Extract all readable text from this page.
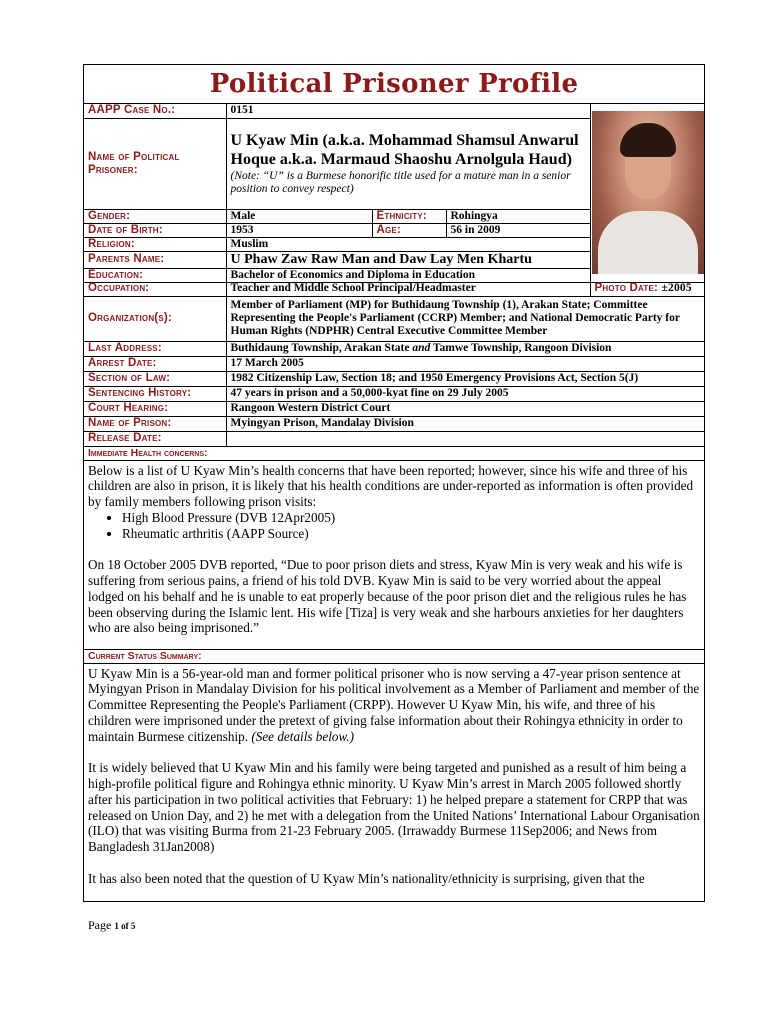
Political Prisoner Profile
AAPP Case No.:	0151			

Name of Political Prisoner:	U Kyaw Min (a.k.a. Mohammad Shamsul Anwarul Hoque a.k.a. Marmaud Shaoshu Arnolgula Haud)
(Note: “U” is a Burmese honorific title used for a mature man in a senior position to convey respect)			

Gender:	Male	Ethnicity:	Rohingya	
Date of Birth:	1953	Age:	56 in 2009	
Religion:	Muslim			
Parents Name:	U Phaw Zaw Raw Man and Daw Lay Men Khartu			
Education:	Bachelor of Economics and Diploma in Education			
Occupation:	Teacher and Middle School Principal/Headmaster	Photo Date: ±2005
Organization(s):	Member of Parliament (MP) for Buthidaung Township (1), Arakan State; Committee Representing the People's Parliament (CCRP) Member; and National Democratic Party for Human Rights (NDPHR) Central Executive Committee Member
Last Address:	Buthidaung Township, Arakan State and Tamwe Township, Rangoon Division
Arrest Date:	17 March 2005
Section of Law:	1982 Citizenship Law, Section 18; and 1950 Emergency Provisions Act, Section 5(J)
Sentencing History:	47 years in prison and a 50,000-kyat fine on 29 July 2005
Court Hearing:	Rangoon Western District Court
Name of Prison:	Myingyan Prison, Mandalay Division
Release Date:	
Immediate Health concerns:

Below is a list of U Kyaw Min’s health concerns that have been reported; however, since his wife and three of his children are also in prison, it is likely that his health conditions are under-reported as information is often provided by family members following prison visits:

• High Blood Pressure (DVB 12Apr2005)
• Rheumatic arthritis (AAPP Source)

On 18 October 2005 DVB reported, “Due to poor prison diets and stress, Kyaw Min is very weak and his wife is suffering from serious pains, a friend of his told DVB. Kyaw Min is said to be very worried about the appeal lodged on his behalf and he is unable to eat properly because of the poor prison diet and the religious rules he has been observing during the Islamic lent. His wife [Tiza] is very weak and she harbours anxieties for her daughters who are also being imprisoned.”

Current Status Summary:

U Kyaw Min is a 56-year-old man and former political prisoner who is now serving a 47-year prison sentence at Myingyan Prison in Mandalay Division for his political involvement as a Member of Parliament and member of the Committee Representing the People's Parliament (CRPP). However U Kyaw Min, his wife, and three of his children were imprisoned under the pretext of giving false information about their Rohingya ethnicity in order to maintain Burmese citizenship. (See details below.)

It is widely believed that U Kyaw Min and his family were being targeted and punished as a result of him being a high-profile political figure and Rohingya ethnic minority. U Kyaw Min’s arrest in March 2005 followed shortly after his participation in two political activities that February: 1) he helped prepare a statement for CRPP that was released on Union Day, and 2) he met with a delegation from the United Nations’ International Labour Organisation (ILO) that was visiting Burma from 21-23 February 2005. (Irrawaddy Burmese 11Sep2006; and News from Bangladesh 31Jan2008)

It has also been noted that the question of U Kyaw Min’s nationality/ethnicity is surprising, given that the

Page 1 of 5
